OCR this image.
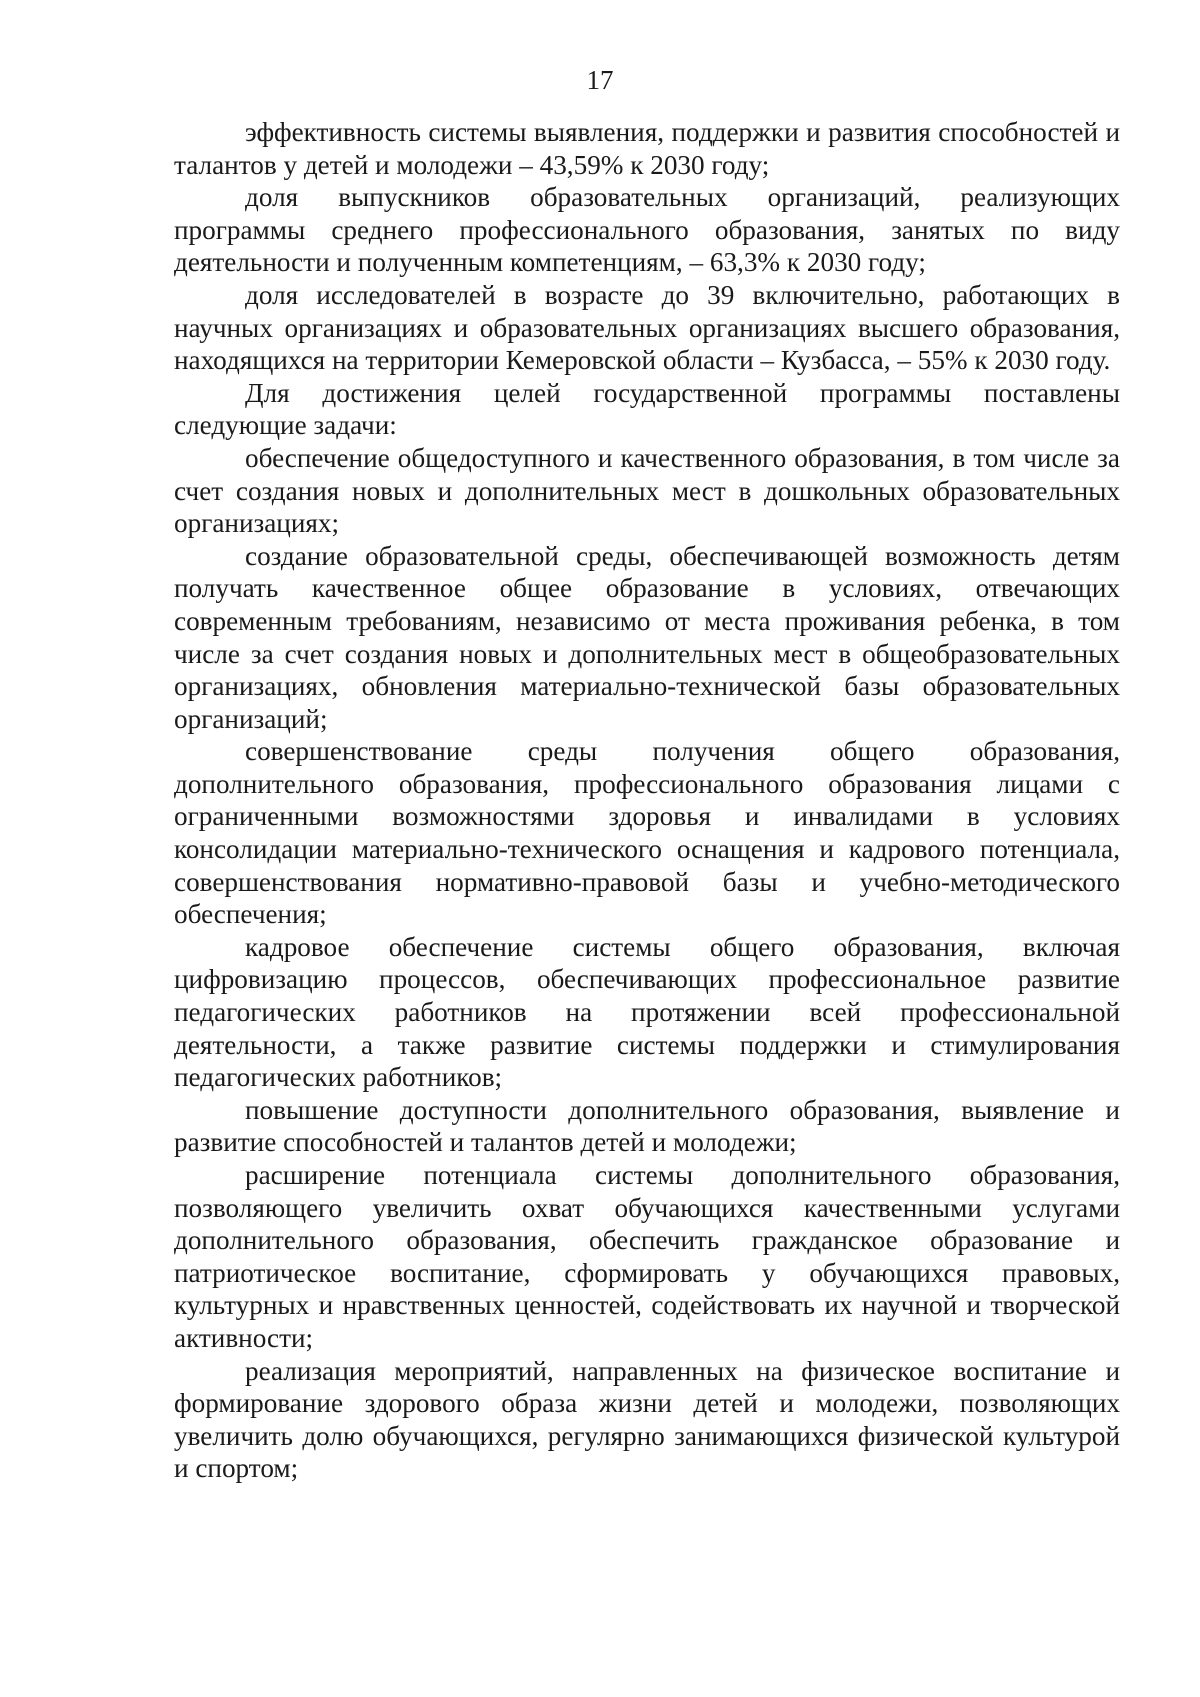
17

эффективность системы выявления, поддержки и развития способностей и талантов у детей и молодежи – 43,59% к 2030 году;

доля выпускников образовательных организаций, реализующих программы среднего профессионального образования, занятых по виду деятельности и полученным компетенциям, – 63,3% к 2030 году;

доля исследователей в возрасте до 39 включительно, работающих в научных организациях и образовательных организациях высшего образования, находящихся на территории Кемеровской области – Кузбасса, – 55% к 2030 году.

Для достижения целей государственной программы поставлены следующие задачи:

обеспечение общедоступного и качественного образования, в том числе за счет создания новых и дополнительных мест в дошкольных образовательных организациях;

создание образовательной среды, обеспечивающей возможность детям получать качественное общее образование в условиях, отвечающих современным требованиям, независимо от места проживания ребенка, в том числе за счет создания новых и дополнительных мест в общеобразовательных организациях, обновления материально-технической базы образовательных организаций;

совершенствование среды получения общего образования, дополнительного образования, профессионального образования лицами с ограниченными возможностями здоровья и инвалидами в условиях консолидации материально-технического оснащения и кадрового потенциала, совершенствования нормативно-правовой базы и учебно-методического обеспечения;

кадровое обеспечение системы общего образования, включая цифровизацию процессов, обеспечивающих профессиональное развитие педагогических работников на протяжении всей профессиональной деятельности, а также развитие системы поддержки и стимулирования педагогических работников;

повышение доступности дополнительного образования, выявление и развитие способностей и талантов детей и молодежи;

расширение потенциала системы дополнительного образования, позволяющего увеличить охват обучающихся качественными услугами дополнительного образования, обеспечить гражданское образование и патриотическое воспитание, сформировать у обучающихся правовых, культурных и нравственных ценностей, содействовать их научной и творческой активности;

реализация мероприятий, направленных на физическое воспитание и формирование здорового образа жизни детей и молодежи, позволяющих увеличить долю обучающихся, регулярно занимающихся физической культурой и спортом;
